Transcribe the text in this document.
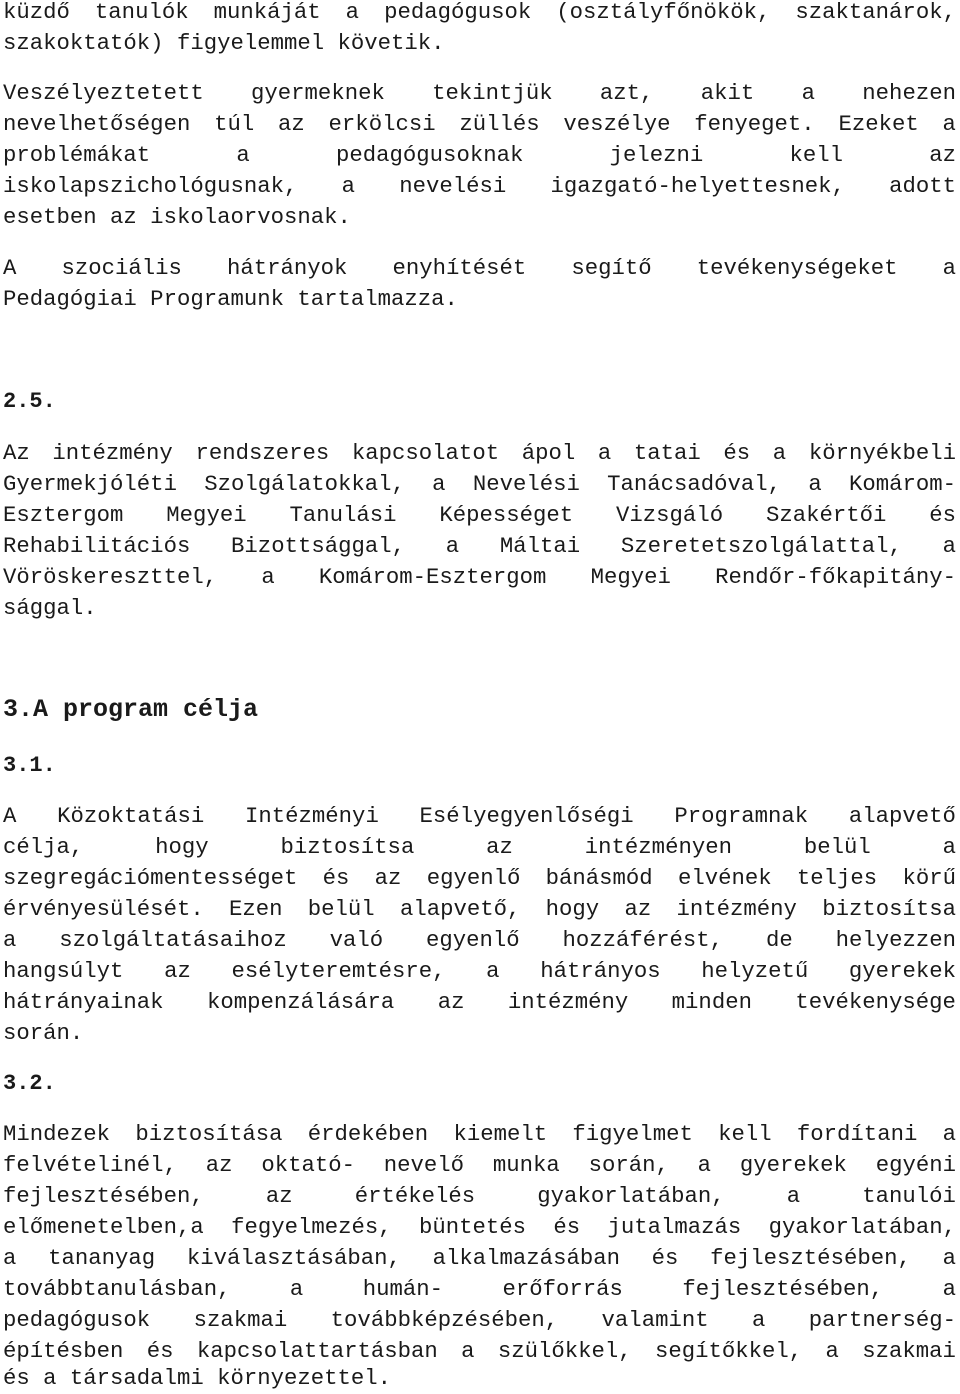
küzdő tanulók munkáját a pedagógusok (osztályfőnökök, szaktanárok,
szakoktatók) figyelemmel követik.
Veszélyeztetett gyermeknek tekintjük azt, akit a nehezen
nevelhetőségen túl az erkölcsi züllés veszélye fenyeget. Ezeket a
problémákat	a	pedagógusoknak	jelezni	kell	az
iskolapszichológusnak, a nevelési igazgató-helyettesnek, adott
esetben az iskolaorvosnak.
A szociális hátrányok enyhítését segítő tevékenységeket a
Pedagógiai Programunk tartalmazza.
2.5.
Az intézmény rendszeres kapcsolatot ápol a tatai és a környékbeli
Gyermekjóléti Szolgálatokkal, a Nevelési Tanácsadóval, a Komárom-
Esztergom Megyei Tanulási Képességet Vizsgáló Szakértői és
Rehabilitációs Bizottsággal, a Máltai Szeretetszolgálattal, a
Vöröskereszttel, a Komárom-Esztergom Megyei Rendőr-főkapitány-
sággal.
3.A program célja
3.1.
A Közoktatási Intézményi Esélyegyenlőségi Programnak alapvető
célja,	hogy	biztosítsa	az	intézményen	belül	a
szegregációmentességet és az egyenlő bánásmód elvének teljes körű
érvényesülését. Ezen belül alapvető, hogy az intézmény biztosítsa
a szolgáltatásaihoz való egyenlő hozzáférést, de helyezzen
hangsúlyt az esélyteremtésre, a hátrányos helyzetű gyerekek
hátrányainak kompenzálására az intézmény minden tevékenysége
során.
3.2.
Mindezek biztosítása érdekében kiemelt figyelmet kell fordítani a
felvételinél, az oktató- nevelő munka során, a gyerekek egyéni
fejlesztésében,	az	értékelés	gyakorlatában,	a	tanulói
előmenetelben,a fegyelmezés, büntetés és jutalmazás gyakorlatában,
a tananyag kiválasztásában, alkalmazásában és fejlesztésében, a
továbbtanulásban,	a	humán-	erőforrás	fejlesztésében,	a
pedagógusok szakmai továbbképzésében, valamint a partnerség-
építésben és kapcsolattartásban a szülőkkel, segítőkkel, a szakmai
és a társadalmi környezettel.
